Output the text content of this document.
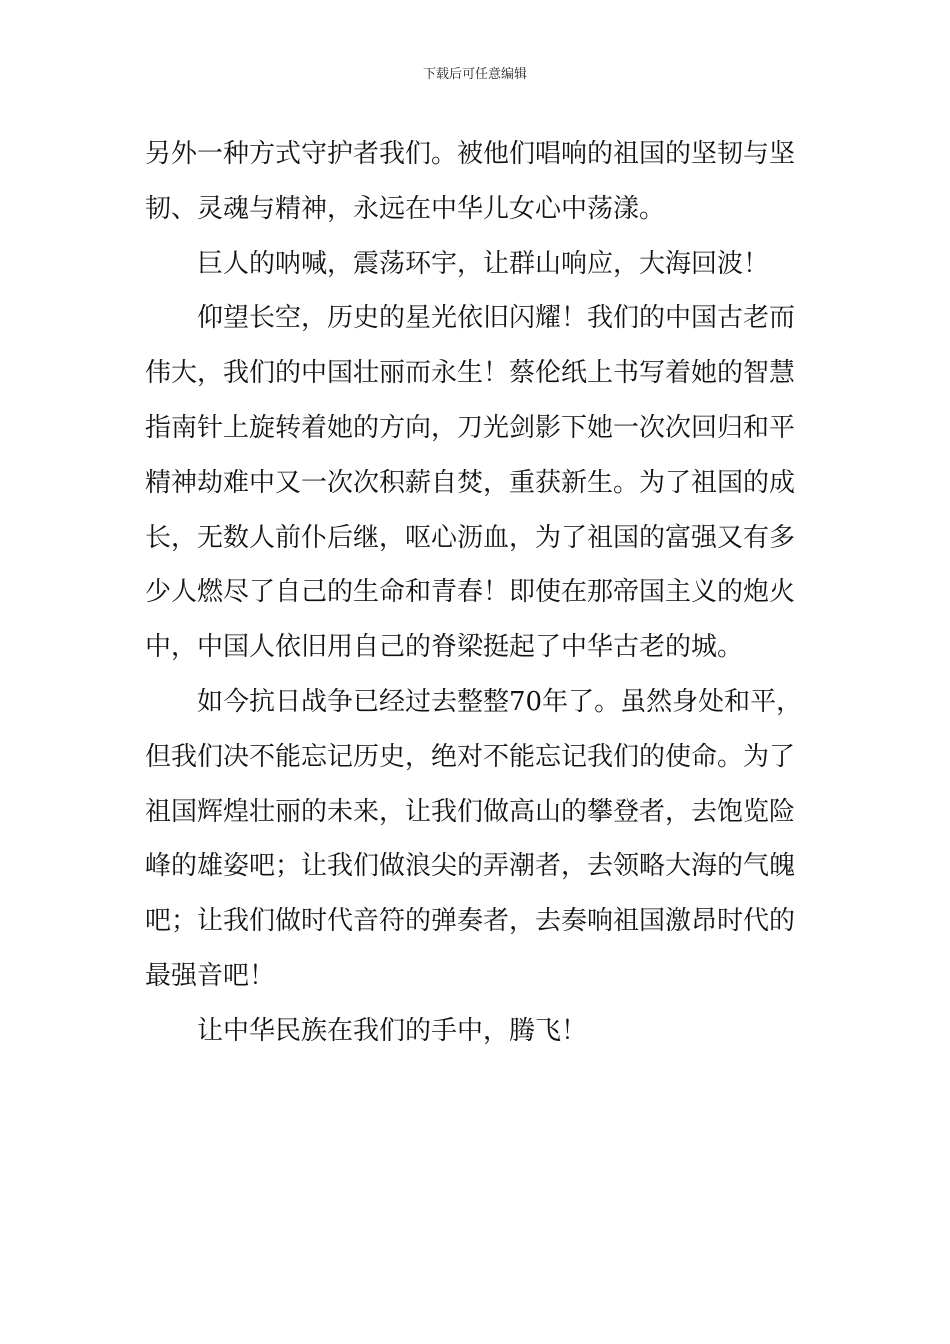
下载后可任意编辑
另外一种方式守护者我们。被他们唱响的祖国的坚韧与坚
韧、灵魂与精神，永远在中华儿女心中荡漾。
巨人的呐喊，震荡环宇，让群山响应，大海回波！
仰望长空，历史的星光依旧闪耀！我们的中国古老而
伟大，我们的中国壮丽而永生！蔡伦纸上书写着她的智慧
指南针上旋转着她的方向，刀光剑影下她一次次回归和平
精神劫难中又一次次积薪自焚，重获新生。为了祖国的成
长，无数人前仆后继，呕心沥血，为了祖国的富强又有多
少人燃尽了自己的生命和青春！即使在那帝国主义的炮火
中，中国人依旧用自己的脊梁挺起了中华古老的城。
如今抗日战争已经过去整整70年了。虽然身处和平，
但我们决不能忘记历史，绝对不能忘记我们的使命。为了
祖国辉煌壮丽的未来，让我们做高山的攀登者，去饱览险
峰的雄姿吧；让我们做浪尖的弄潮者，去领略大海的气魄
吧；让我们做时代音符的弹奏者，去奏响祖国激昂时代的
最强音吧！
让中华民族在我们的手中，腾飞！
